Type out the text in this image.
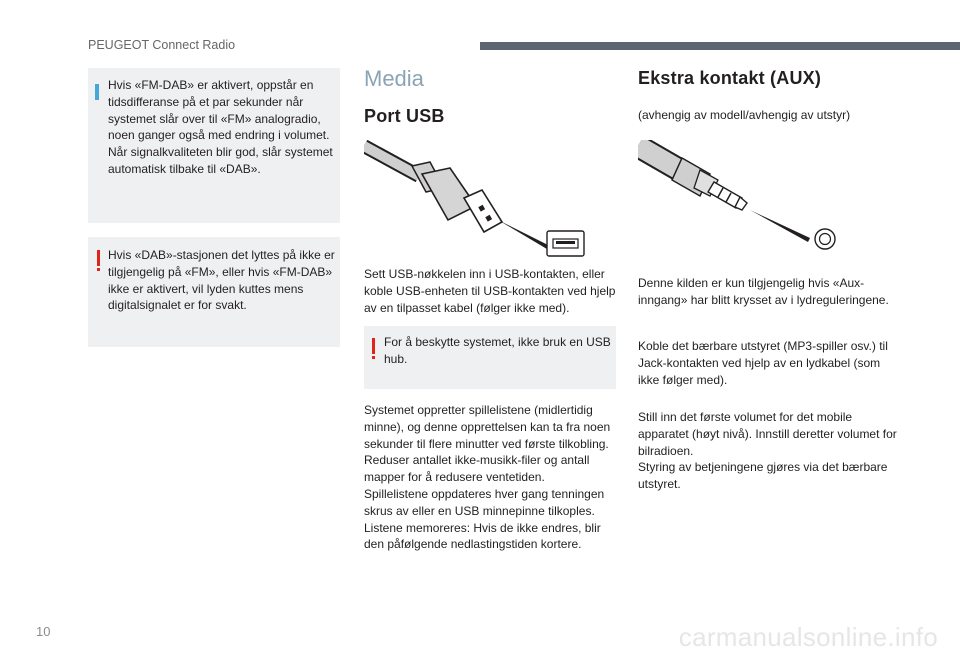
PEUGEOT Connect Radio
Hvis «FM-DAB» er aktivert, oppstår en tidsdifferanse på et par sekunder når systemet slår over til «FM» analogradio, noen ganger også med endring i volumet.
Når signalkvaliteten blir god, slår systemet automatisk tilbake til «DAB».
Hvis «DAB»-stasjonen det lyttes på ikke er tilgjengelig på «FM», eller hvis «FM-DAB» ikke er aktivert, vil lyden kuttes mens digitalsignalet er for svakt.
Media
Port USB
Sett USB-nøkkelen inn i USB-kontakten, eller koble USB-enheten til USB-kontakten ved hjelp av en tilpasset kabel (følger ikke med).
For å beskytte systemet, ikke bruk en USB hub.
Systemet oppretter spillelistene (midlertidig minne), og denne opprettelsen kan ta fra noen sekunder til flere minutter ved første tilkobling.
Reduser antallet ikke-musikk-filer og antall mapper for å redusere ventetiden.
Spillelistene oppdateres hver gang tenningen skrus av eller en USB minnepinne tilkoples.
Listene memoreres: Hvis de ikke endres, blir den påfølgende nedlastingstiden kortere.
Ekstra kontakt (AUX)
(avhengig av modell/avhengig av utstyr)
Denne kilden er kun tilgjengelig hvis «Aux-inngang» har blitt krysset av i lydreguleringene.
Koble det bærbare utstyret (MP3-spiller osv.) til Jack-kontakten ved hjelp av en lydkabel (som ikke følger med).
Still inn det første volumet for det mobile apparatet (høyt nivå). Innstill deretter volumet for bilradioen.
Styring av betjeningene gjøres via det bærbare utstyret.
10	carmanualsonline.info
